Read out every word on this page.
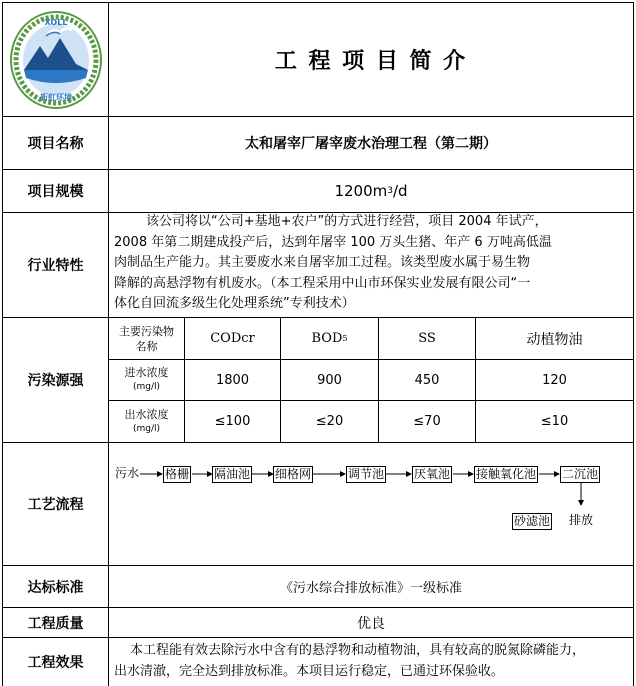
XOLL
新虹环境
工 程 项 目 简 介
项目名称	太和屠宰厂屠宰废水治理工程（第二期）
项目规模	1200m 3 /d
行业特性
该公司将以“公司+基地+农户”的方式进行经营，项目 2004 年试产，
2008 年第二期建成投产后，达到年屠宰 100 万头生猪、年产 6 万吨高低温
肉制品生产能力。其主要废水来自屠宰加工过程。该类型废水属于易生物
降解的高悬浮物有机废水。（本工程采用中山市环保实业发展有限公司“一
体化自回流多级生化处理系统”专利技术）
污染源强
主要污染物
名称	CODcr	BOD 5	SS	动植物油
进水浓度
(mg/l)	1800	900	450	120
出水浓度
(mg/l)	≤100	≤20	≤70	≤10
工艺流程
污水 格栅 隔油池 细格网	调节池 厌氧池 接触氧化池 二沉池
砂滤池 排放
达标标准	《污水综合排放标准》一级标准
工程质量	优良
工程效果
本工程能有效去除污水中含有的悬浮物和动植物油，具有较高的脱氮除磷能力，
出水清澈，完全达到排放标准。本项目运行稳定，已通过环保验收。
